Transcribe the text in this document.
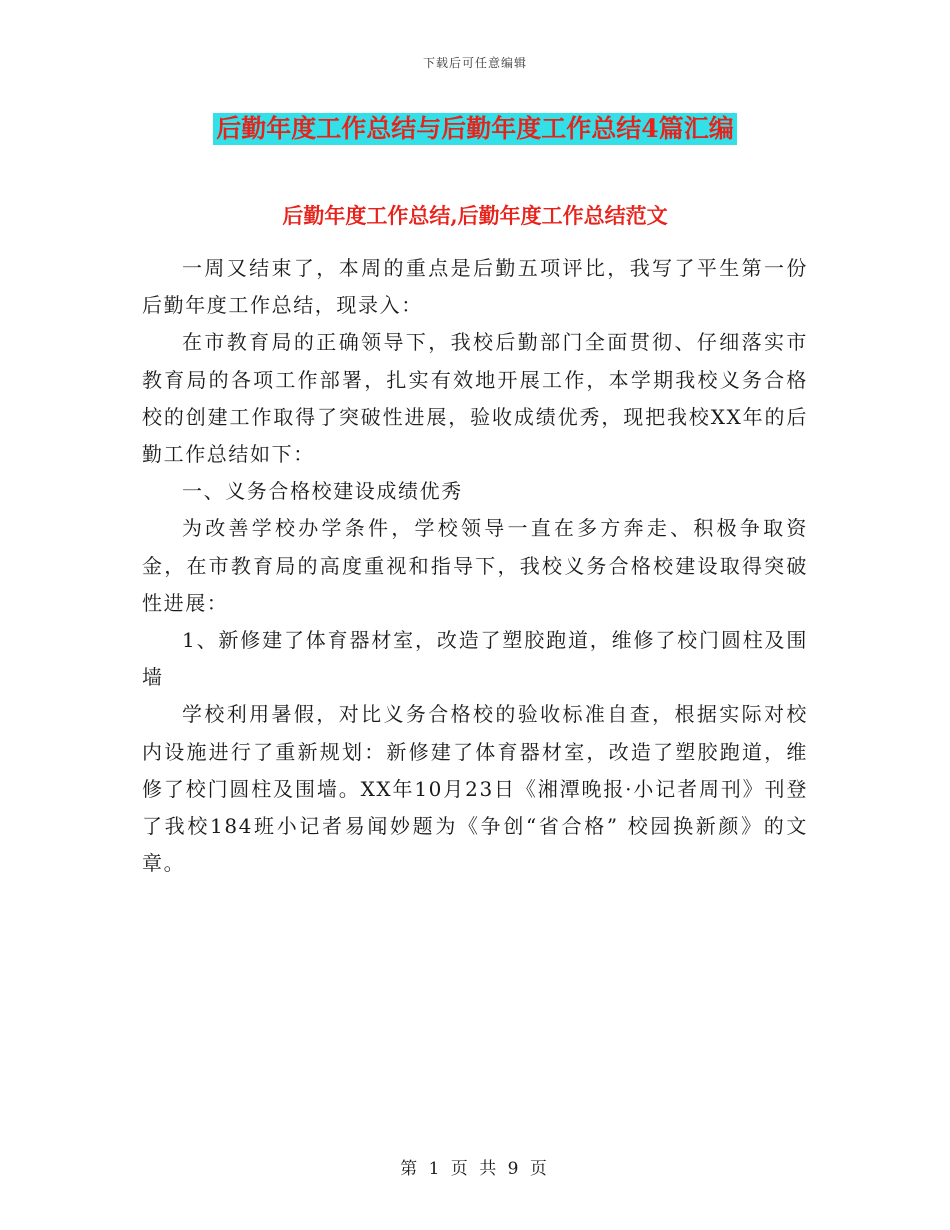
下载后可任意编辑
后勤年度工作总结与后勤年度工作总结4篇汇编
后勤年度工作总结,后勤年度工作总结范文

一周又结束了，本周的重点是后勤五项评比，我写了平生第一份后勤年度工作总结，现录入：

在市教育局的正确领导下，我校后勤部门全面贯彻、仔细落实市教育局的各项工作部署，扎实有效地开展工作，本学期我校义务合格校的创建工作取得了突破性进展，验收成绩优秀，现把我校XX年的后勤工作总结如下：

一、义务合格校建设成绩优秀

为改善学校办学条件，学校领导一直在多方奔走、积极争取资金，在市教育局的高度重视和指导下，我校义务合格校建设取得突破性进展：

1、新修建了体育器材室，改造了塑胶跑道，维修了校门圆柱及围墙

学校利用暑假，对比义务合格校的验收标准自查，根据实际对校内设施进行了重新规划：新修建了体育器材室，改造了塑胶跑道，维修了校门圆柱及围墙。XX年10月23日《湘潭晚报·小记者周刊》刊登了我校184班小记者易闻妙题为《争创“省合格” 校园换新颜》的文章。

第 1 页 共 9 页
